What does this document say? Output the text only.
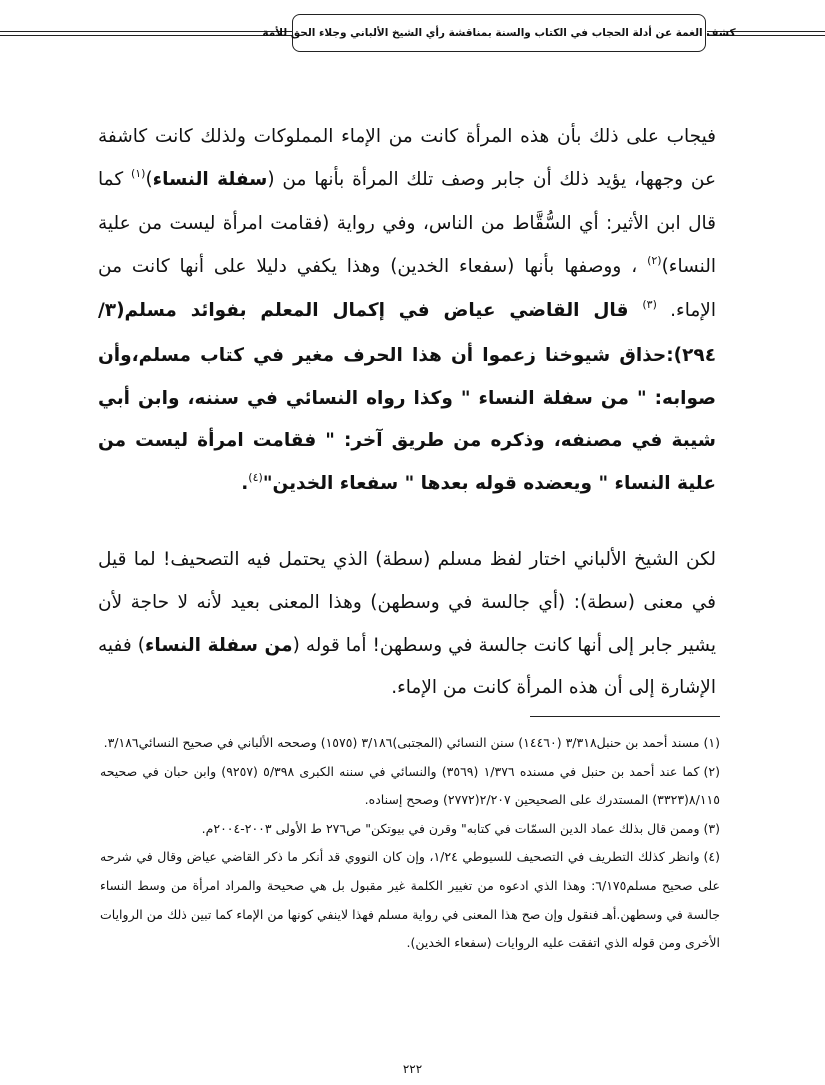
كشف الغمة عن أدلة الحجاب في الكتاب والسنة بمناقشة رأي الشيخ الألباني وجلاء الحق للأمة

فيجاب على ذلك بأن هذه المرأة كانت من الإماء المملوكات ولذلك كانت كاشفة عن وجهها، يؤيد ذلك أن جابر وصف تلك المرأة بأنها من (سفلة النساء)$^{(١)}$ كما قال ابن الأثير: أي السُّقَّاط من الناس، وفي رواية (فقامت امرأة ليست من علية النساء)$^{(٢)}$ ، ووصفها بأنها (سفعاء الخدين) وهذا يكفي دليلا على أنها كانت من الإماء. $^{(٣)}$ قال القاضي عياض في إكمال المعلم بفوائد مسلم(٣/ ٢٩٤):حذاق شيوخنا زعموا أن هذا الحرف مغير في كتاب مسلم،وأن صوابه: " من سفلة النساء " وكذا رواه النسائي في سننه، وابن أبي شيبة في مصنفه، وذكره من طريق آخر: " فقامت امرأة ليست من علية النساء " ويعضده قوله بعدها " سفعاء الخدين"$^{(٤)}$.

لكن الشيخ الألباني اختار لفظ مسلم (سطة) الذي يحتمل فيه التصحيف! لما قيل في معنى (سطة): (أي جالسة في وسطهن) وهذا المعنى بعيد لأنه لا حاجة لأن يشير جابر إلى أنها كانت جالسة في وسطهن! أما قوله (من سفلة النساء) ففيه الإشارة إلى أن هذه المرأة كانت من الإماء.

(١)مسند أحمد بن حنبل٣/٣١٨ (١٤٤٦٠) سنن النسائي (المجتبى)٣/١٨٦ (١٥٧٥) وصححه الألباني في صحيح النسائي٣/١٨٦.

(٢)كما عند أحمد بن حنبل في مسنده ١/٣٧٦ (٣٥٦٩) والنسائي في سننه الكبرى ٥/٣٩٨ (٩٢٥٧) وابن حبان في صحيحه ٨/١١٥(٣٣٢٣) المستدرك على الصحيحين ٢/٢٠٧(٢٧٧٢) وصحح إسناده.

(٣)وممن قال بذلك عماد الدين السمّات في كتابه" وقرن في بيوتكن" ص٢٧٦ ط الأولى ٢٠٠٣-٢٠٠٤م.

(٤)وانظر كذلك التطريف في التصحيف للسيوطي ١/٢٤، وإن كان النووي قد أنكر ما ذكر القاضي عياض وقال في شرحه على صحيح مسلم٦/١٧٥: وهذا الذي ادعوه من تغيير الكلمة غير مقبول بل هي صحيحة والمراد امرأة من وسط النساء جالسة في وسطهن.أهـ فنقول وإن صح هذا المعنى في رواية مسلم فهذا لاينفي كونها من الإماء كما تبين ذلك من الروايات الأخرى ومن قوله الذي اتفقت عليه الروايات (سفعاء الخدين).

٢٢٢
